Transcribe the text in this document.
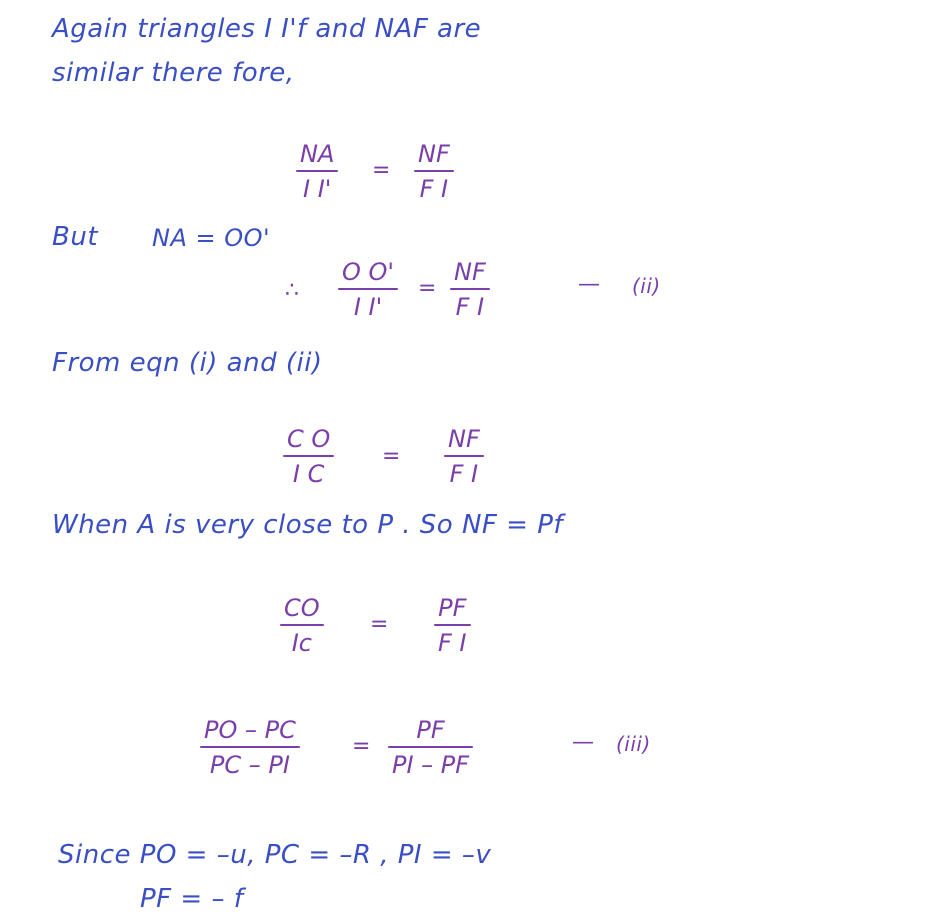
Again triangles I I'f and NAF are
similar there fore,
NA
I I'
=
NF
F I
But NA = OO'
∴
O O'
I I'
=
NF
F I
— (ii)
From eqn (i) and (ii)
C O
I C
=
NF
F I
When A is very close to P . So NF = Pf
CO
Ic
=
PF
F I
PO – PC
PC – PI
=
PF
PI – PF
— (iii)
Since PO = –u, PC = –R , PI = –v
PF = – f
